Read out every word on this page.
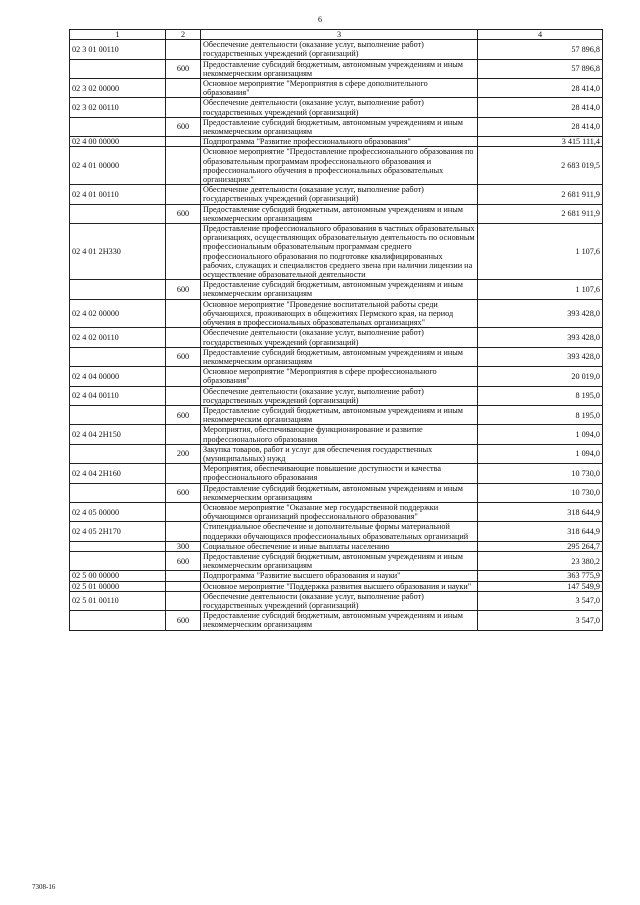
6
1	2	3	4
02 3 01 00110		Обеспечение деятельности (оказание услуг, выполнение работ) государственных учреждений (организаций)	57 896,8
	600	Предоставление субсидий бюджетным, автономным учреждениям и иным некоммерческим организациям	57 896,8
02 3 02 00000		Основное мероприятие "Мероприятия в сфере дополнительного образования"	28 414,0
02 3 02 00110		Обеспечение деятельности (оказание услуг, выполнение работ) государственных учреждений (организаций)	28 414,0
	600	Предоставление субсидий бюджетным, автономным учреждениям и иным некоммерческим организациям	28 414,0
02 4 00 00000		Подпрограмма "Развитие профессионального образования"	3 415 111,4
02 4 01 00000		Основное мероприятие "Предоставление профессионального образования по образовательным программам профессионального образования и профессионального обучения в профессиональных образовательных организациях"	2 683 019,5
02 4 01 00110		Обеспечение деятельности (оказание услуг, выполнение работ) государственных учреждений (организаций)	2 681 911,9
	600	Предоставление субсидий бюджетным, автономным учреждениям и иным некоммерческим организациям	2 681 911,9
02 4 01 2Н330		Предоставление профессионального образования в частных образовательных организациях, осуществляющих образовательную деятельность по основным профессиональным образовательным программам среднего профессионального образования по подготовке квалифицированных рабочих, служащих и специалистов среднего звена при наличии лицензии на осуществление образовательной деятельности	1 107,6
	600	Предоставление субсидий бюджетным, автономным учреждениям и иным некоммерческим организациям	1 107,6
02 4 02 00000		Основное мероприятие "Проведение воспитательной работы среди обучающихся, проживающих в общежитиях Пермского края, на период обучения в профессиональных образовательных организациях"	393 428,0
02 4 02 00110		Обеспечение деятельности (оказание услуг, выполнение работ) государственных учреждений (организаций)	393 428,0
	600	Предоставление субсидий бюджетным, автономным учреждениям и иным некоммерческим организациям	393 428,0
02 4 04 00000		Основное мероприятие "Мероприятия в сфере профессионального образования"	20 019,0
02 4 04 00110		Обеспечение деятельности (оказание услуг, выполнение работ) государственных учреждений (организаций)	8 195,0
	600	Предоставление субсидий бюджетным, автономным учреждениям и иным некоммерческим организациям	8 195,0
02 4 04 2Н150		Мероприятия, обеспечивающие функционирование и развитие профессионального образования	1 094,0
	200	Закупка товаров, работ и услуг для обеспечения государственных (муниципальных) нужд	1 094,0
02 4 04 2Н160		Мероприятия, обеспечивающие повышение доступности и качества профессионального образования	10 730,0
	600	Предоставление субсидий бюджетным, автономным учреждениям и иным некоммерческим организациям	10 730,0
02 4 05 00000		Основное мероприятие "Оказание мер государственной поддержки обучающимся организаций профессионального образования"	318 644,9
02 4 05 2Н170		Стипендиальное обеспечение и дополнительные формы материальной поддержки обучающихся профессиональных образовательных организаций	318 644,9
	300	Социальное обеспечение и иные выплаты населению	295 264,7
	600	Предоставление субсидий бюджетным, автономным учреждениям и иным некоммерческим организациям	23 380,2
02 5 00 00000		Подпрограмма "Развитие высшего образования и науки"	363 775,9
02 5 01 00000		Основное мероприятие "Поддержка развития высшего образования и науки"	147 549,9
02 5 01 00110		Обеспечение деятельности (оказание услуг, выполнение работ) государственных учреждений (организаций)	3 547,0
	600	Предоставление субсидий бюджетным, автономным учреждениям и иным некоммерческим организациям	3 547,0
7308-16
